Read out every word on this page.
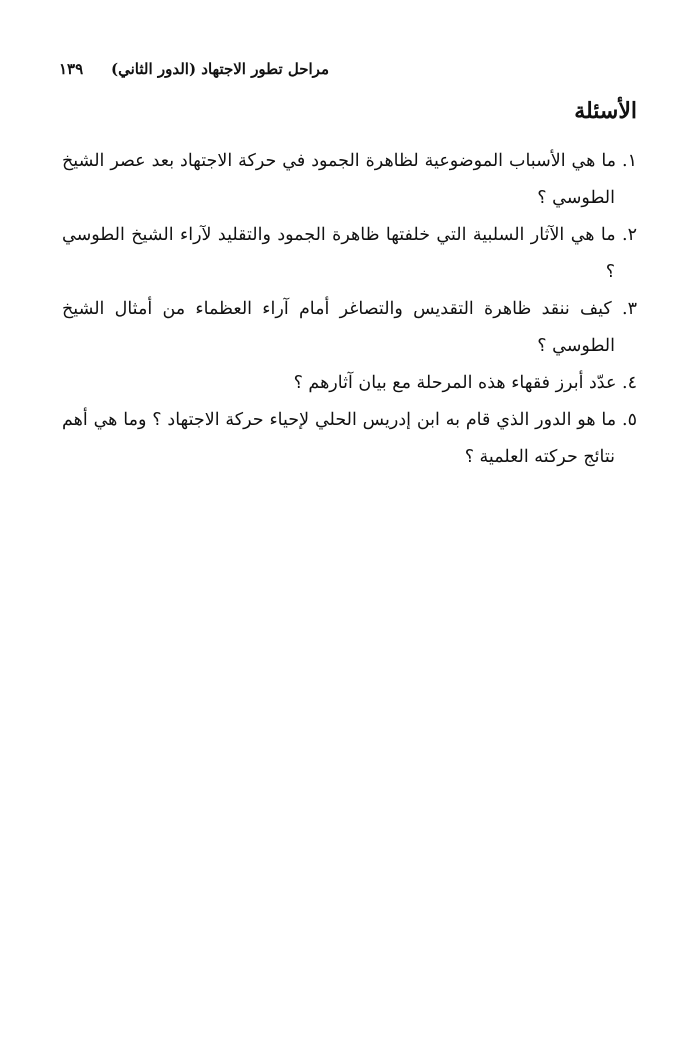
مراحل تطور الاجتهاد (الدور الثاني)
١٣٩
الأسئلة
١. ما هي الأسباب الموضوعية لظاهرة الجمود في حركة الاجتهاد بعد عصر الشيخ الطوسي ؟
٢. ما هي الآثار السلبية التي خلفتها ظاهرة الجمود والتقليد لآراء الشيخ الطوسي ؟
٣. كيف ننقد ظاهرة التقديس والتصاغر أمام آراء العظماء من أمثال الشيخ الطوسي ؟
٤. عدّد أبرز فقهاء هذه المرحلة مع بيان آثارهم ؟
٥. ما هو الدور الذي قام به ابن إدريس الحلي لإحياء حركة الاجتهاد ؟ وما هي أهم نتائج حركته العلمية ؟
